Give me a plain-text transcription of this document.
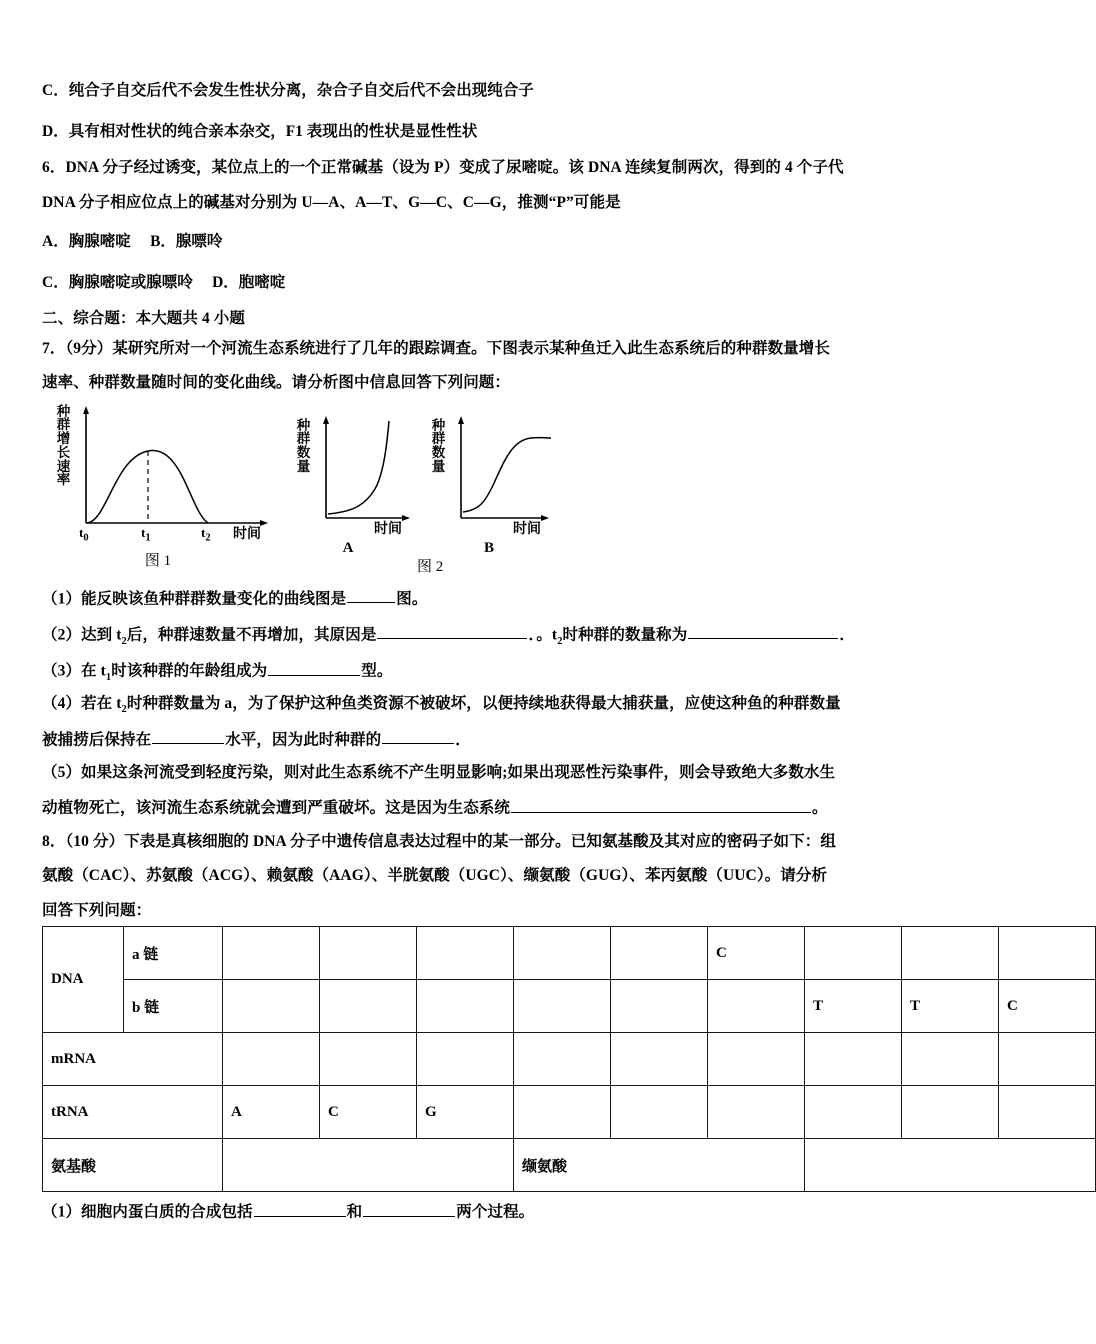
C．纯合子自交后代不会发生性状分离，杂合子自交后代不会出现纯合子
D．具有相对性状的纯合亲本杂交，F1 表现出的性状是显性性状
6．DNA 分子经过诱变，某位点上的一个正常碱基（设为 P）变成了尿嘧啶。该 DNA 连续复制两次，得到的 4 个子代
DNA 分子相应位点上的碱基对分别为 U—A、A—T、G—C、C—G，推测“P”可能是
A．胸腺嘧啶　 B．腺嘌呤
C．胸腺嘧啶或腺嘌呤　 D．胞嘧啶
二、综合题：本大题共 4 小题
7．（9分）某研究所对一个河流生态系统进行了几年的跟踪调查。下图表示某种鱼迁入此生态系统后的种群数量增长
速率、种群数量随时间的变化曲线。请分析图中信息回答下列问题：
种群增长速率
$t_0$	$t_1$	$t_2$ 时间
图 1
种群数量
时间
A
种群数量
时间
B
图 2
（1）能反映该鱼种群群数量变化的曲线图是	图。
（2）达到 $t_2$后，种群速数量不再增加，其原因是	．。$t_2$时种群的数量称为	．
（3）在 $t_1$时该种群的年龄组成为	型。
（4）若在 $t_2$时种群数量为 a，为了保护这种鱼类资源不被破坏，以便持续地获得最大捕获量，应使这种鱼的种群数量
被捕捞后保持在	水平，因为此时种群的	．
（5）如果这条河流受到轻度污染，则对此生态系统不产生明显影响;如果出现恶性污染事件，则会导致绝大多数水生
动植物死亡，该河流生态系统就会遭到严重破坏。这是因为生态系统	。
8．（10 分）下表是真核细胞的 DNA 分子中遗传信息表达过程中的某一部分。已知氨基酸及其对应的密码子如下：组
氨酸（CAC）、苏氨酸（ACG）、赖氨酸（AAG）、半胱氨酸（UGC）、缬氨酸（GUG）、苯丙氨酸（UUC）。请分析
回答下列问题：
DNA	a 链						C			
	b 链							T	T	C
mRNA										
tRNA		A	C	G						
氨基酸					缬氨酸					
（1）细胞内蛋白质的合成包括	和	两个过程。
